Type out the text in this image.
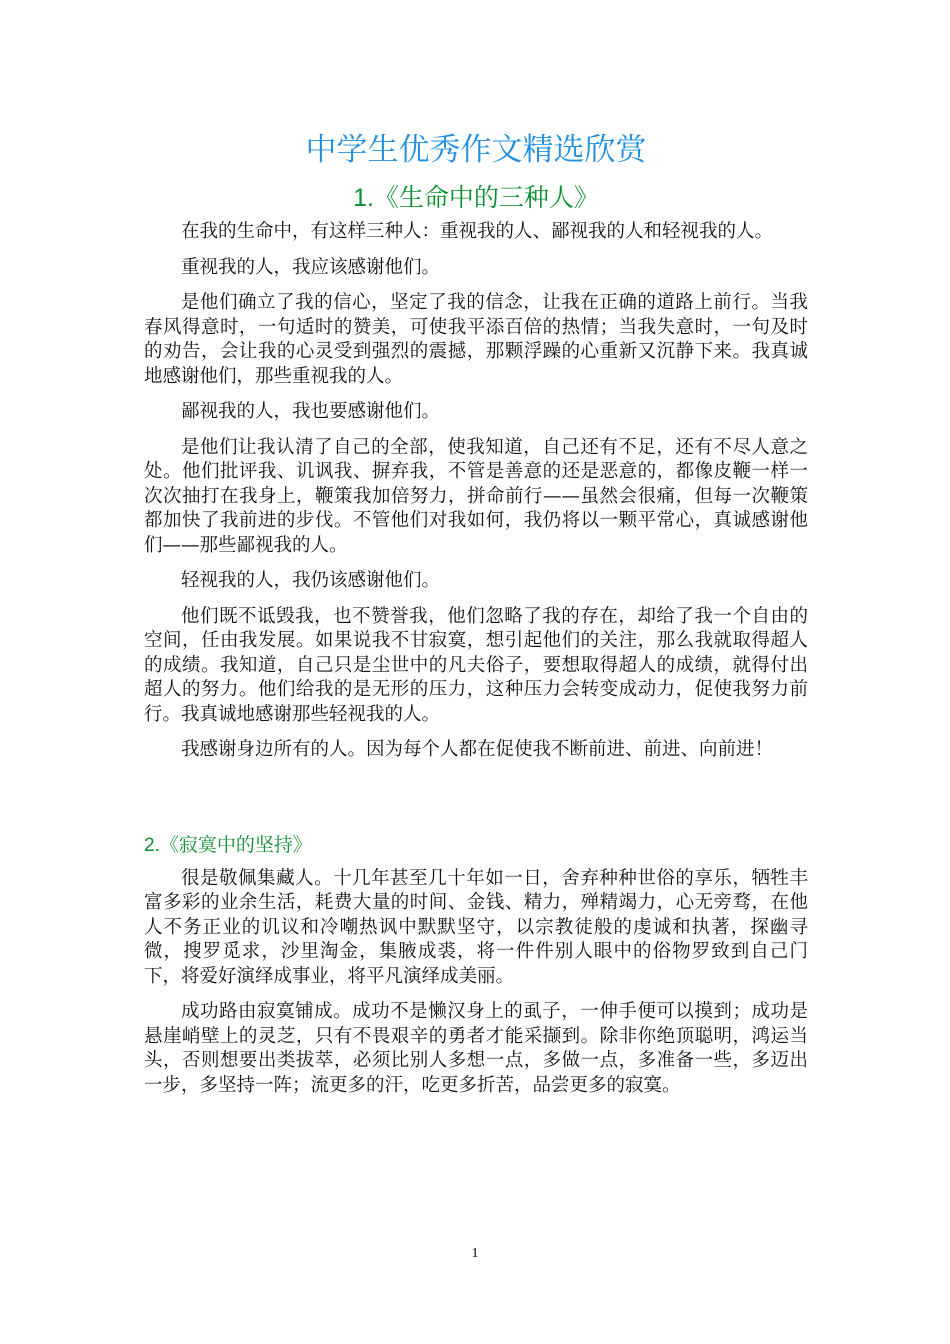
中学生优秀作文精选欣赏
1.《生命中的三种人》

在我的生命中，有这样三种人：重视我的人、鄙视我的人和轻视我的人。

重视我的人，我应该感谢他们。

是他们确立了我的信心，坚定了我的信念，让我在正确的道路上前行。当我春风得意时，一句适时的赞美，可使我平添百倍的热情；当我失意时，一句及时的劝告，会让我的心灵受到强烈的震撼，那颗浮躁的心重新又沉静下来。我真诚地感谢他们，那些重视我的人。

鄙视我的人，我也要感谢他们。

是他们让我认清了自己的全部，使我知道，自己还有不足，还有不尽人意之处。他们批评我、讥讽我、摒弃我，不管是善意的还是恶意的，都像皮鞭一样一次次抽打在我身上，鞭策我加倍努力，拼命前行——虽然会很痛，但每一次鞭策都加快了我前进的步伐。不管他们对我如何，我仍将以一颗平常心，真诚感谢他们——那些鄙视我的人。

轻视我的人，我仍该感谢他们。

他们既不诋毁我，也不赞誉我，他们忽略了我的存在，却给了我一个自由的空间，任由我发展。如果说我不甘寂寞，想引起他们的关注，那么我就取得超人的成绩。我知道，自己只是尘世中的凡夫俗子，要想取得超人的成绩，就得付出超人的努力。他们给我的是无形的压力，这种压力会转变成动力，促使我努力前行。我真诚地感谢那些轻视我的人。

我感谢身边所有的人。因为每个人都在促使我不断前进、前进、向前进！

2.《寂寞中的坚持》

很是敬佩集藏人。十几年甚至几十年如一日，舍弃种种世俗的享乐，牺牲丰富多彩的业余生活，耗费大量的时间、金钱、精力，殚精竭力，心无旁骛，在他人不务正业的讥议和冷嘲热讽中默默坚守，以宗教徒般的虔诚和执著，探幽寻微，搜罗觅求，沙里淘金，集腋成裘，将一件件别人眼中的俗物罗致到自己门下，将爱好演绎成事业，将平凡演绎成美丽。

成功路由寂寞铺成。成功不是懒汉身上的虱子，一伸手便可以摸到；成功是悬崖峭壁上的灵芝，只有不畏艰辛的勇者才能采撷到。除非你绝顶聪明，鸿运当头，否则想要出类拔萃，必须比别人多想一点，多做一点，多准备一些，多迈出一步，多坚持一阵；流更多的汗，吃更多折苦，品尝更多的寂寞。

1
